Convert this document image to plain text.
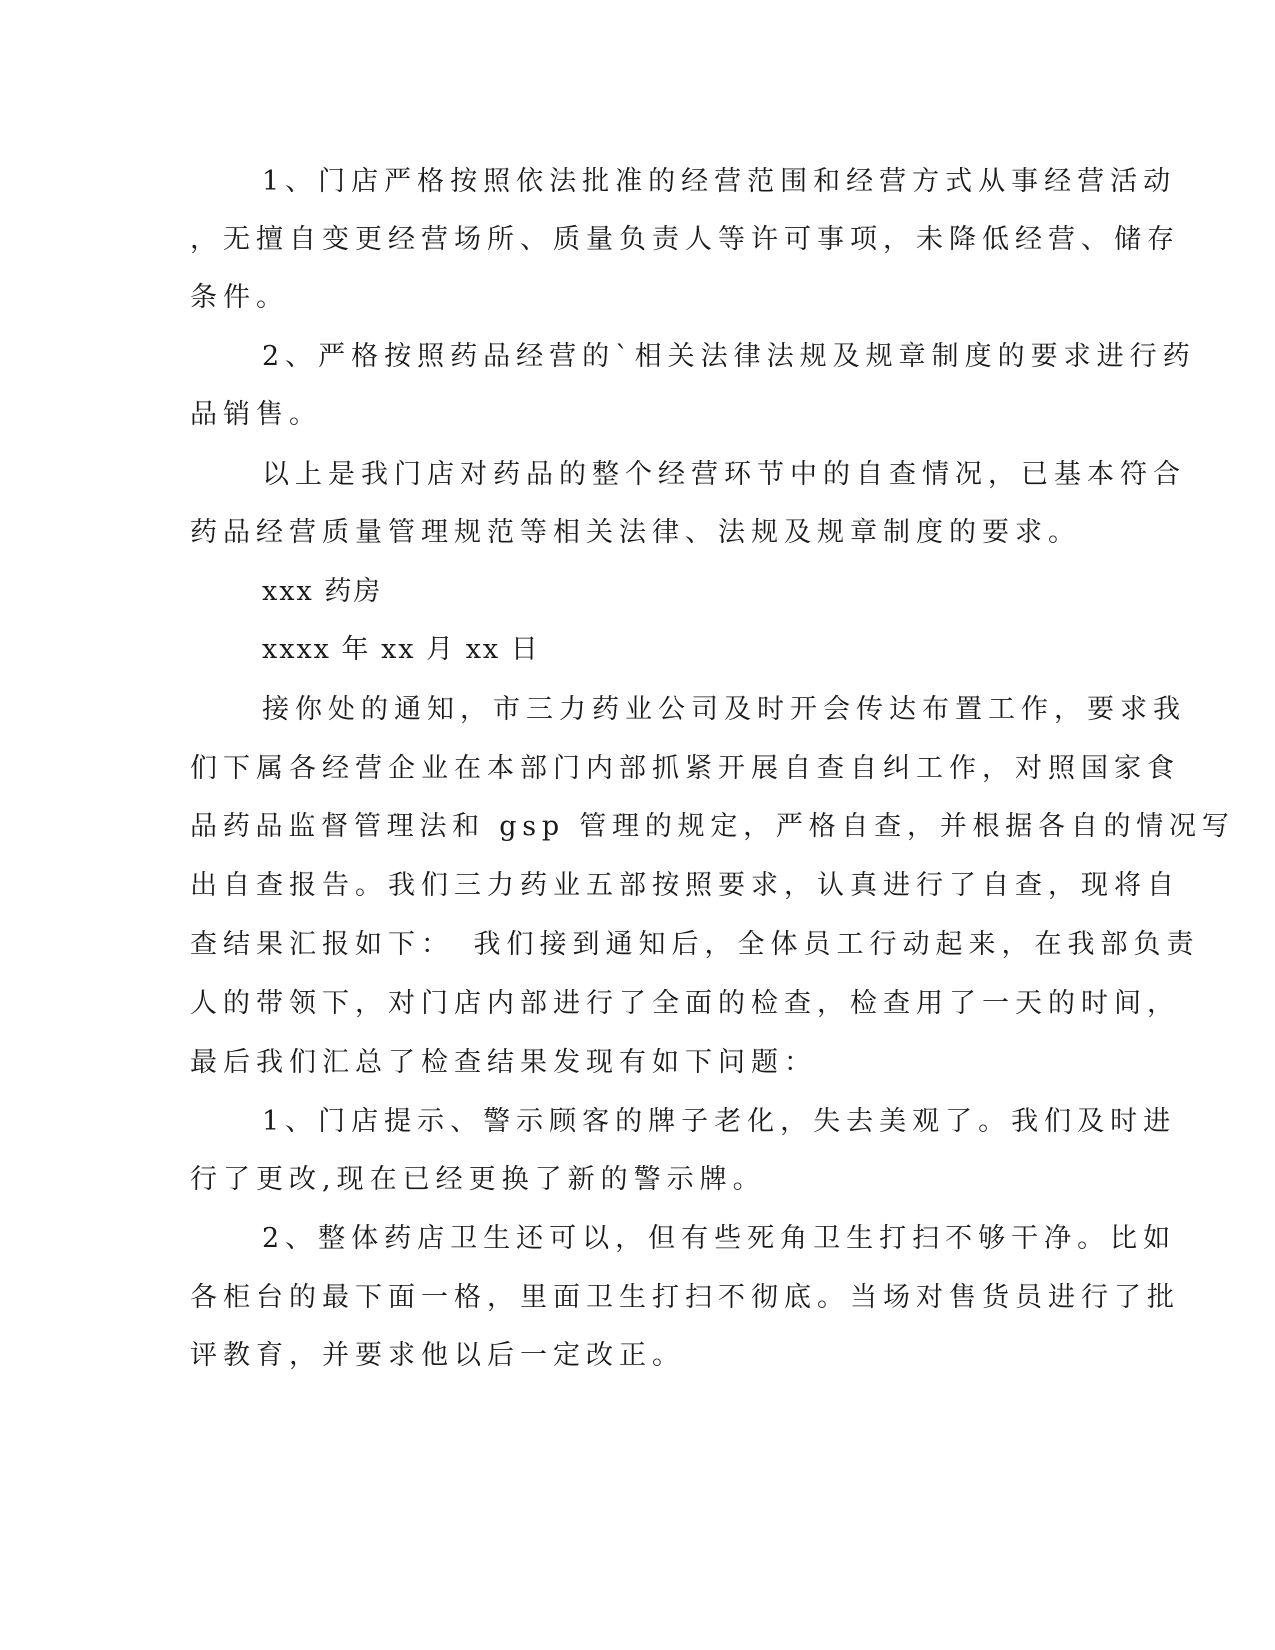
1、门店严格按照依法批准的经营范围和经营方式从事经营活动
，无擅自变更经营场所、质量负责人等许可事项，未降低经营、储存
条件。
2、严格按照药品经营的`相关法律法规及规章制度的要求进行药
品销售。
以上是我门店对药品的整个经营环节中的自查情况，已基本符合
药品经营质量管理规范等相关法律、法规及规章制度的要求。
xxx 药房
xxxx 年 xx 月 xx 日
接你处的通知，市三力药业公司及时开会传达布置工作，要求我
们下属各经营企业在本部门内部抓紧开展自查自纠工作，对照国家食
品药品监督管理法和 gsp 管理的规定，严格自查，并根据各自的情况写
出自查报告。我们三力药业五部按照要求，认真进行了自查，现将自
查结果汇报如下：　我们接到通知后，全体员工行动起来，在我部负责
人的带领下，对门店内部进行了全面的检查，检查用了一天的时间，
最后我们汇总了检查结果发现有如下问题：
1、门店提示、警示顾客的牌子老化，失去美观了。我们及时进
行了更改,现在已经更换了新的警示牌。
2、整体药店卫生还可以，但有些死角卫生打扫不够干净。比如
各柜台的最下面一格，里面卫生打扫不彻底。当场对售货员进行了批
评教育，并要求他以后一定改正。
